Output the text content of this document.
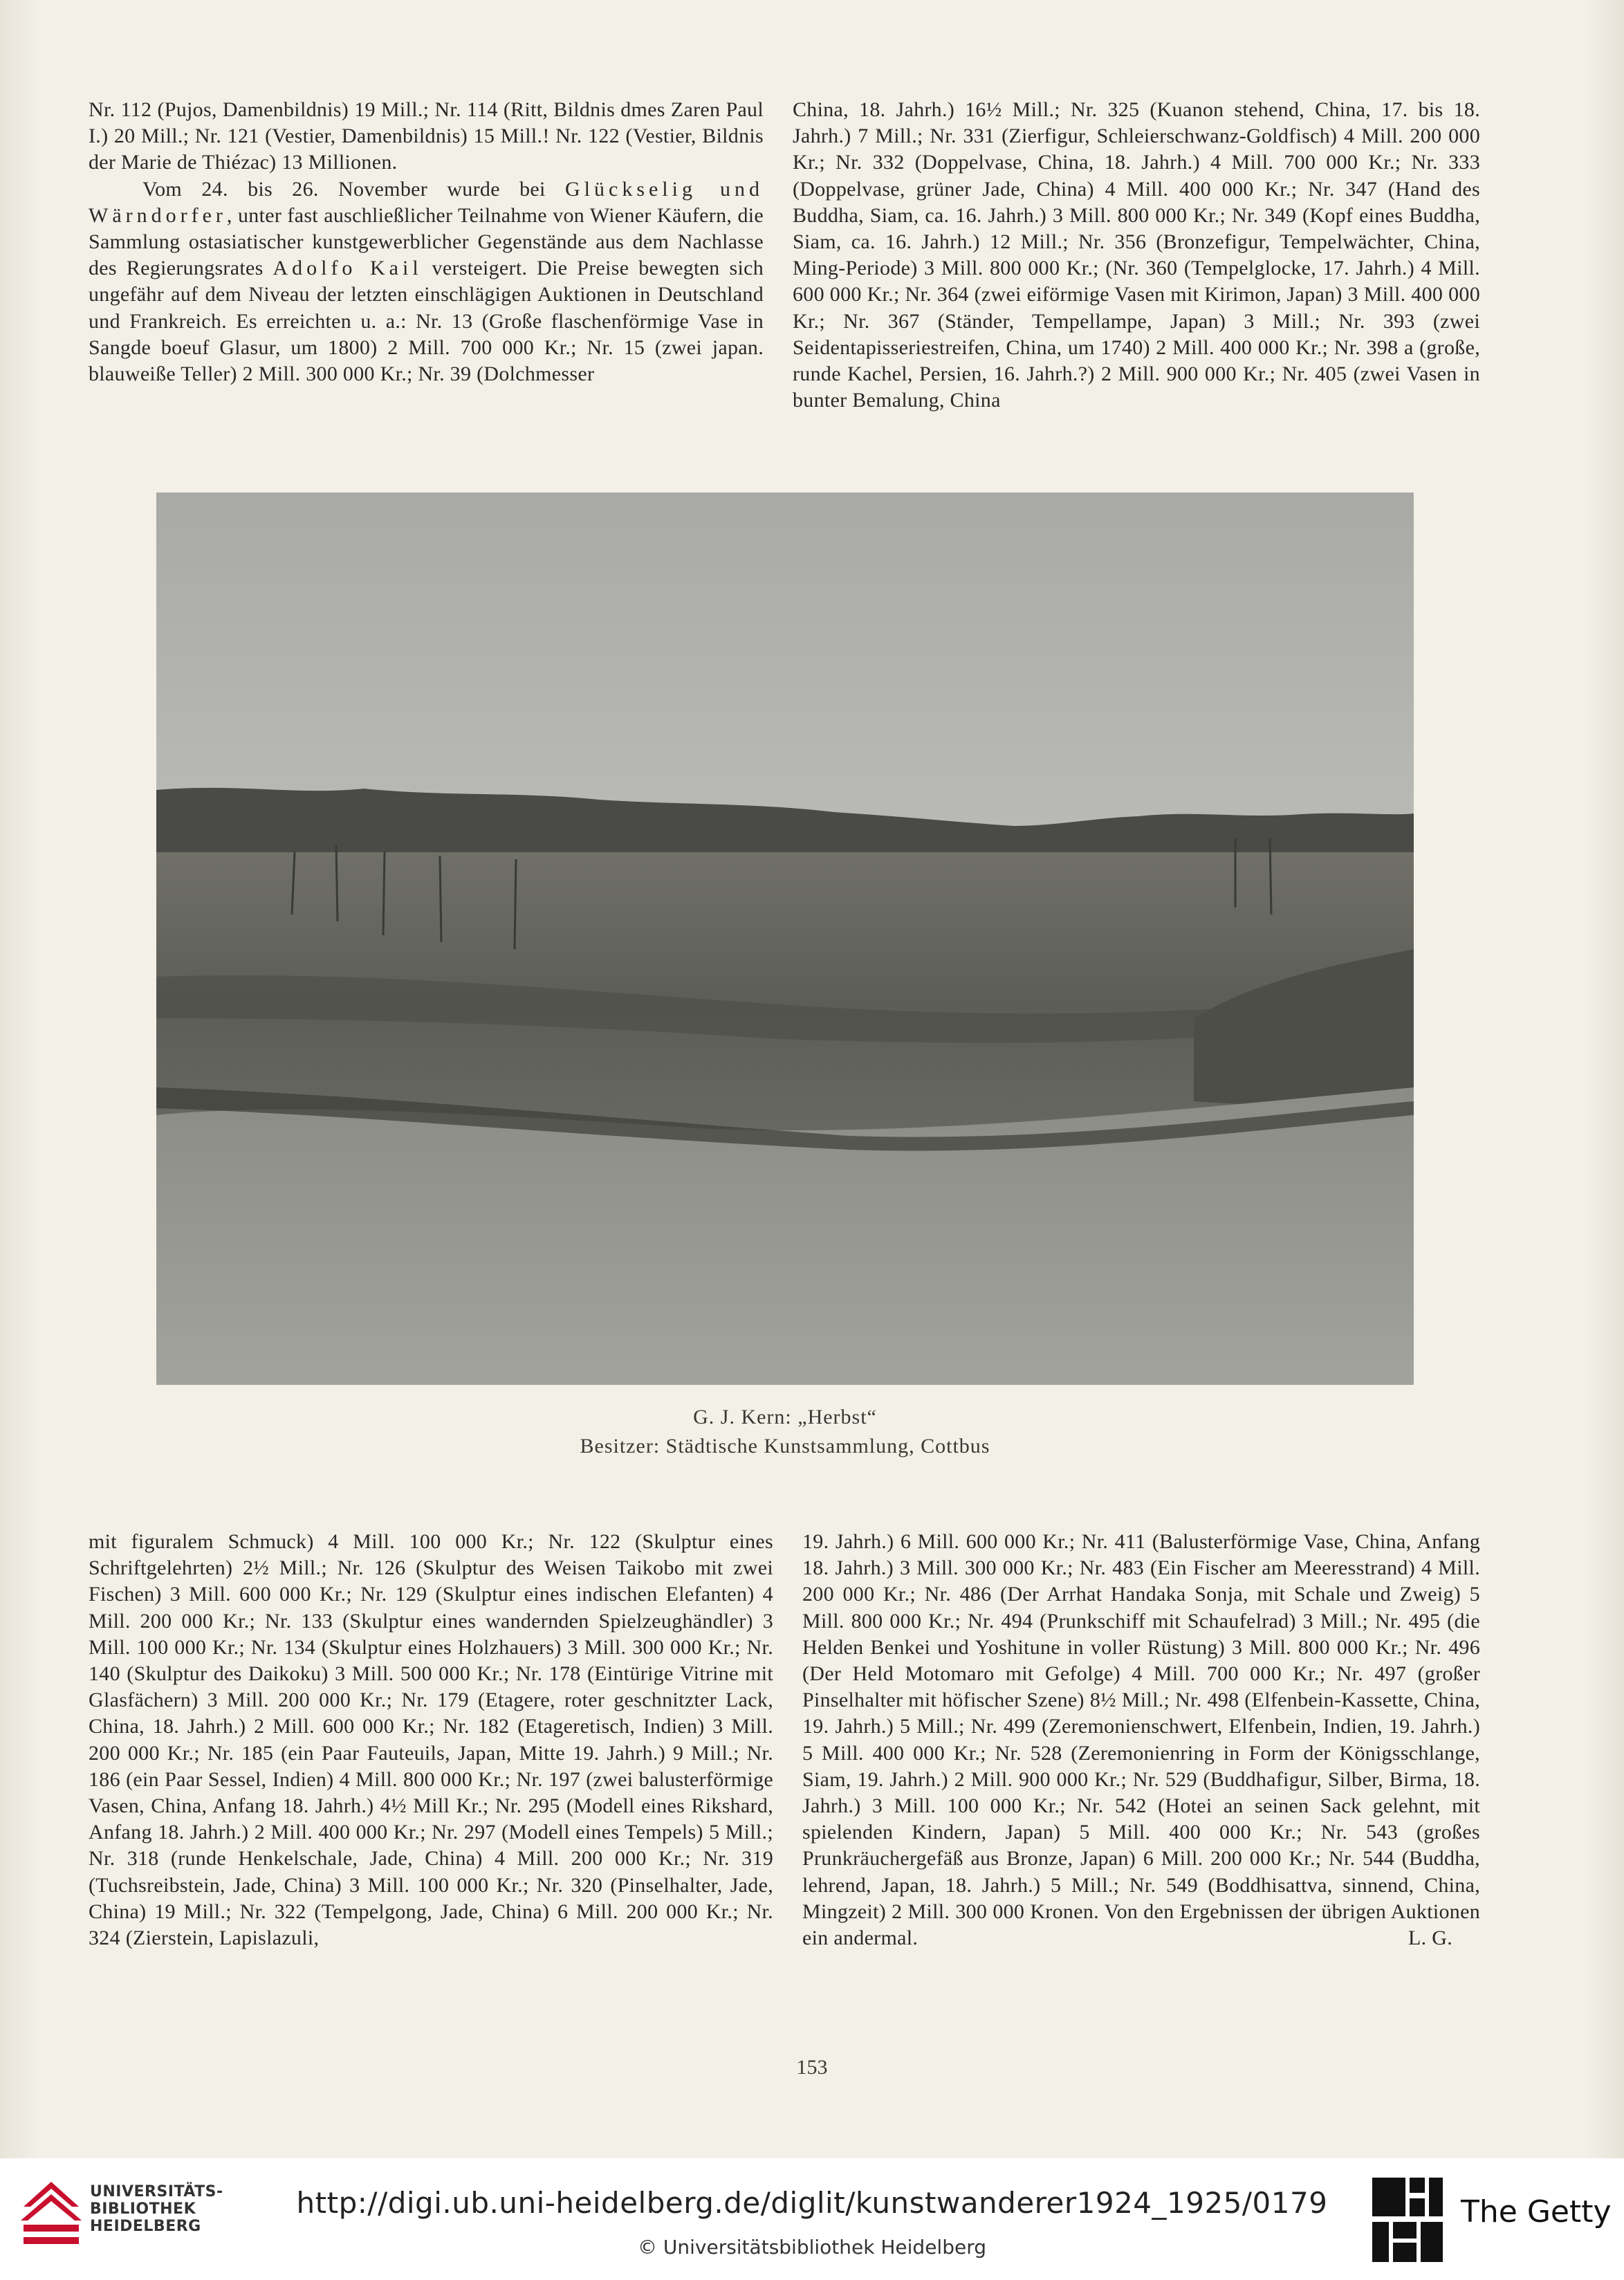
Nr. 112 (Pujos, Damenbildnis) 19 Mill.; Nr. 114 (Ritt, Bildnis dmes Zaren Paul I.) 20 Mill.; Nr. 121 (Vestier, Damenbildnis) 15 Mill.! Nr. 122 (Vestier, Bildnis der Marie de Thiézac) 13 Millionen.

Vom 24. bis 26. November wurde bei Glückselig und Wärndorfer, unter fast auschließlicher Teilnahme von Wiener Käufern, die Sammlung ostasiatischer kunstgewerblicher Gegenstände aus dem Nachlasse des Regierungsrates Adolfo Kail versteigert. Die Preise bewegten sich ungefähr auf dem Niveau der letzten einschlägigen Auktionen in Deutschland und Frankreich. Es erreichten u. a.: Nr. 13 (Große flaschenförmige Vase in Sangde boeuf Glasur, um 1800) 2 Mill. 700 000 Kr.; Nr. 15 (zwei japan. blauweiße Teller) 2 Mill. 300 000 Kr.; Nr. 39 (Dolchmesser

China, 18. Jahrh.) 16½ Mill.; Nr. 325 (Kuanon stehend, China, 17. bis 18. Jahrh.) 7 Mill.; Nr. 331 (Zierfigur, Schleierschwanz-Goldfisch) 4 Mill. 200 000 Kr.; Nr. 332 (Doppelvase, China, 18. Jahrh.) 4 Mill. 700 000 Kr.; Nr. 333 (Doppelvase, grüner Jade, China) 4 Mill. 400 000 Kr.; Nr. 347 (Hand des Buddha, Siam, ca. 16. Jahrh.) 3 Mill. 800 000 Kr.; Nr. 349 (Kopf eines Buddha, Siam, ca. 16. Jahrh.) 12 Mill.; Nr. 356 (Bronzefigur, Tempelwächter, China, Ming-Periode) 3 Mill. 800 000 Kr.; (Nr. 360 (Tempelglocke, 17. Jahrh.) 4 Mill. 600 000 Kr.; Nr. 364 (zwei eiförmige Vasen mit Kirimon, Japan) 3 Mill. 400 000 Kr.; Nr. 367 (Ständer, Tempellampe, Japan) 3 Mill.; Nr. 393 (zwei Seidentapisseriestreifen, China, um 1740) 2 Mill. 400 000 Kr.; Nr. 398 a (große, runde Kachel, Persien, 16. Jahrh.?) 2 Mill. 900 000 Kr.; Nr. 405 (zwei Vasen in bunter Bemalung, China

G. J. Kern: „Herbst“
Besitzer: Städtische Kunstsammlung, Cottbus

mit figuralem Schmuck) 4 Mill. 100 000 Kr.; Nr. 122 (Skulptur eines Schriftgelehrten) 2½ Mill.; Nr. 126 (Skulptur des Weisen Taikobo mit zwei Fischen) 3 Mill. 600 000 Kr.; Nr. 129 (Skulptur eines indischen Elefanten) 4 Mill. 200 000 Kr.; Nr. 133 (Skulptur eines wandernden Spielzeughändler) 3 Mill. 100 000 Kr.; Nr. 134 (Skulptur eines Holzhauers) 3 Mill. 300 000 Kr.; Nr. 140 (Skulptur des Daikoku) 3 Mill. 500 000 Kr.; Nr. 178 (Eintürige Vitrine mit Glasfächern) 3 Mill. 200 000 Kr.; Nr. 179 (Etagere, roter geschnitzter Lack, China, 18. Jahrh.) 2 Mill. 600 000 Kr.; Nr. 182 (Etageretisch, Indien) 3 Mill. 200 000 Kr.; Nr. 185 (ein Paar Fauteuils, Japan, Mitte 19. Jahrh.) 9 Mill.; Nr. 186 (ein Paar Sessel, Indien) 4 Mill. 800 000 Kr.; Nr. 197 (zwei balusterförmige Vasen, China, Anfang 18. Jahrh.) 4½ Mill Kr.; Nr. 295 (Modell eines Rikshard, Anfang 18. Jahrh.) 2 Mill. 400 000 Kr.; Nr. 297 (Modell eines Tempels) 5 Mill.; Nr. 318 (runde Henkelschale, Jade, China) 4 Mill. 200 000 Kr.; Nr. 319 (Tuchsreibstein, Jade, China) 3 Mill. 100 000 Kr.; Nr. 320 (Pinselhalter, Jade, China) 19 Mill.; Nr. 322 (Tempelgong, Jade, China) 6 Mill. 200 000 Kr.; Nr. 324 (Zierstein, Lapislazuli,

19. Jahrh.) 6 Mill. 600 000 Kr.; Nr. 411 (Balusterförmige Vase, China, Anfang 18. Jahrh.) 3 Mill. 300 000 Kr.; Nr. 483 (Ein Fischer am Meeresstrand) 4 Mill. 200 000 Kr.; Nr. 486 (Der Arrhat Handaka Sonja, mit Schale und Zweig) 5 Mill. 800 000 Kr.; Nr. 494 (Prunkschiff mit Schaufelrad) 3 Mill.; Nr. 495 (die Helden Benkei und Yoshitune in voller Rüstung) 3 Mill. 800 000 Kr.; Nr. 496 (Der Held Motomaro mit Gefolge) 4 Mill. 700 000 Kr.; Nr. 497 (großer Pinselhalter mit höfischer Szene) 8½ Mill.; Nr. 498 (Elfenbein-Kassette, China, 19. Jahrh.) 5 Mill.; Nr. 499 (Zeremonienschwert, Elfenbein, Indien, 19. Jahrh.) 5 Mill. 400 000 Kr.; Nr. 528 (Zeremonienring in Form der Königsschlange, Siam, 19. Jahrh.) 2 Mill. 900 000 Kr.; Nr. 529 (Buddhafigur, Silber, Birma, 18. Jahrh.) 3 Mill. 100 000 Kr.; Nr. 542 (Hotei an seinen Sack gelehnt, mit spielenden Kindern, Japan) 5 Mill. 400 000 Kr.; Nr. 543 (großes Prunkräuchergefäß aus Bronze, Japan) 6 Mill. 200 000 Kr.; Nr. 544 (Buddha, lehrend, Japan, 18. Jahrh.) 5 Mill.; Nr. 549 (Boddhisattva, sinnend, China, Mingzeit) 2 Mill. 300 000 Kronen. Von den Ergebnissen der übrigen Auktionen ein andermal.	L. G.

153
UNIVERSITÄTS-
BIBLIOTHEK
HEIDELBERG
http://digi.ub.uni-heidelberg.de/diglit/kunstwanderer1924_1925/0179
© Universitätsbibliothek Heidelberg
The Getty
